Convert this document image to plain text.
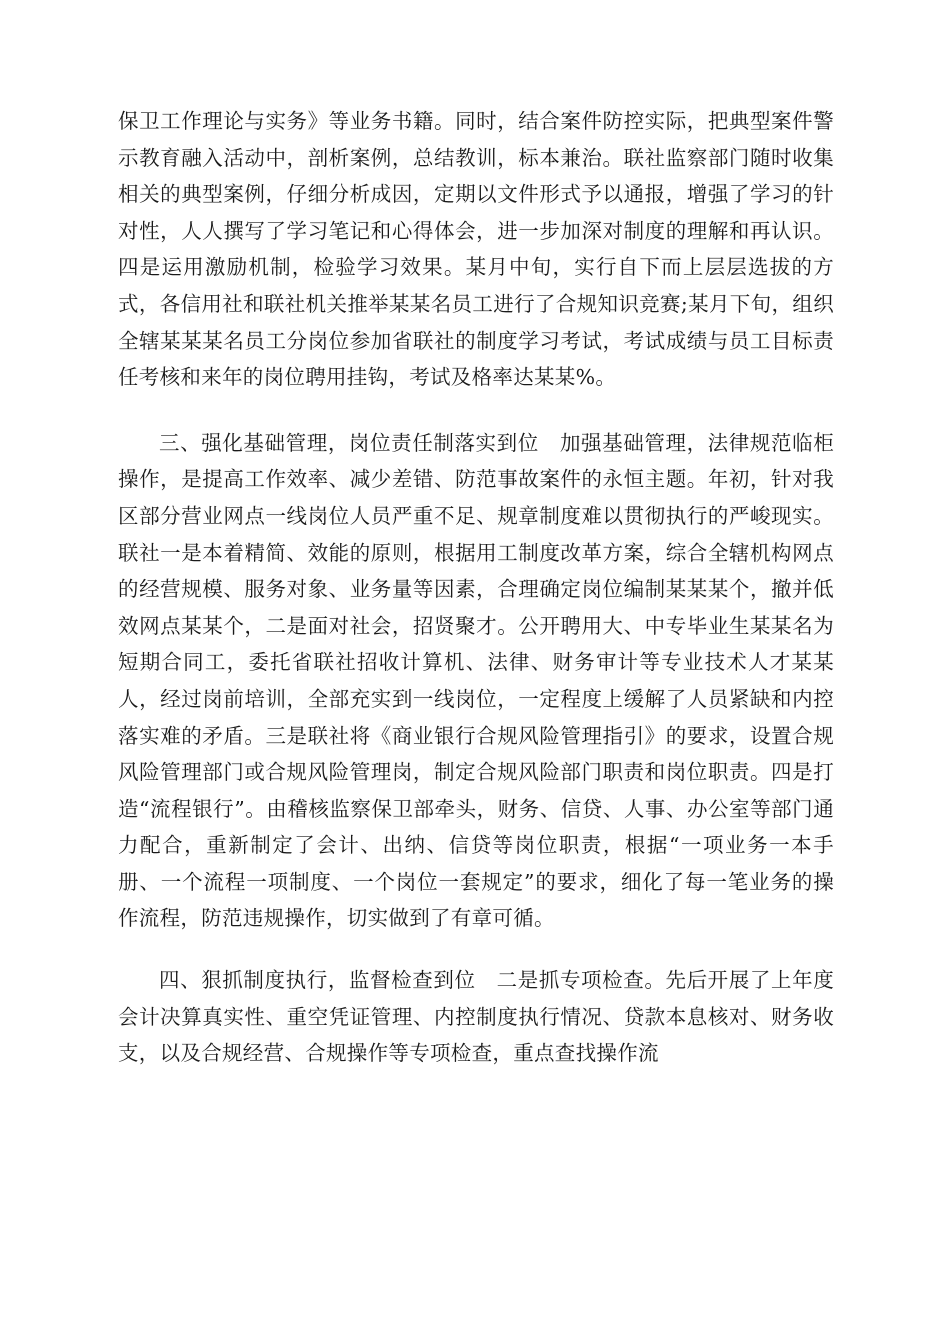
保卫工作理论与实务》等业务书籍。同时，结合案件防控实际，把典型案件警示教育融入活动中，剖析案例，总结教训，标本兼治。联社监察部门随时收集相关的典型案例，仔细分析成因，定期以文件形式予以通报，增强了学习的针对性，人人撰写了学习笔记和心得体会，进一步加深对制度的理解和再认识。四是运用激励机制，检验学习效果。某月中旬，实行自下而上层层选拔的方式，各信用社和联社机关推举某某名员工进行了合规知识竞赛;某月下旬，组织全辖某某某名员工分岗位参加省联社的制度学习考试，考试成绩与员工目标责任考核和来年的岗位聘用挂钩，考试及格率达某某%。

三、强化基础管理，岗位责任制落实到位　加强基础管理，法律规范临柜操作，是提高工作效率、减少差错、防范事故案件的永恒主题。年初，针对我区部分营业网点一线岗位人员严重不足、规章制度难以贯彻执行的严峻现实。联社一是本着精简、效能的原则，根据用工制度改革方案，综合全辖机构网点的经营规模、服务对象、业务量等因素，合理确定岗位编制某某某个，撤并低效网点某某个，二是面对社会，招贤聚才。公开聘用大、中专毕业生某某名为短期合同工，委托省联社招收计算机、法律、财务审计等专业技术人才某某人，经过岗前培训，全部充实到一线岗位，一定程度上缓解了人员紧缺和内控落实难的矛盾。三是联社将《商业银行合规风险管理指引》的要求，设置合规风险管理部门或合规风险管理岗，制定合规风险部门职责和岗位职责。四是打造“流程银行”。由稽核监察保卫部牵头，财务、信贷、人事、办公室等部门通力配合，重新制定了会计、出纳、信贷等岗位职责，根据“一项业务一本手册、一个流程一项制度、一个岗位一套规定”的要求，细化了每一笔业务的操作流程，防范违规操作，切实做到了有章可循。

四、狠抓制度执行，监督检查到位　二是抓专项检查。先后开展了上年度会计决算真实性、重空凭证管理、内控制度执行情况、贷款本息核对、财务收支，以及合规经营、合规操作等专项检查，重点查找操作流
